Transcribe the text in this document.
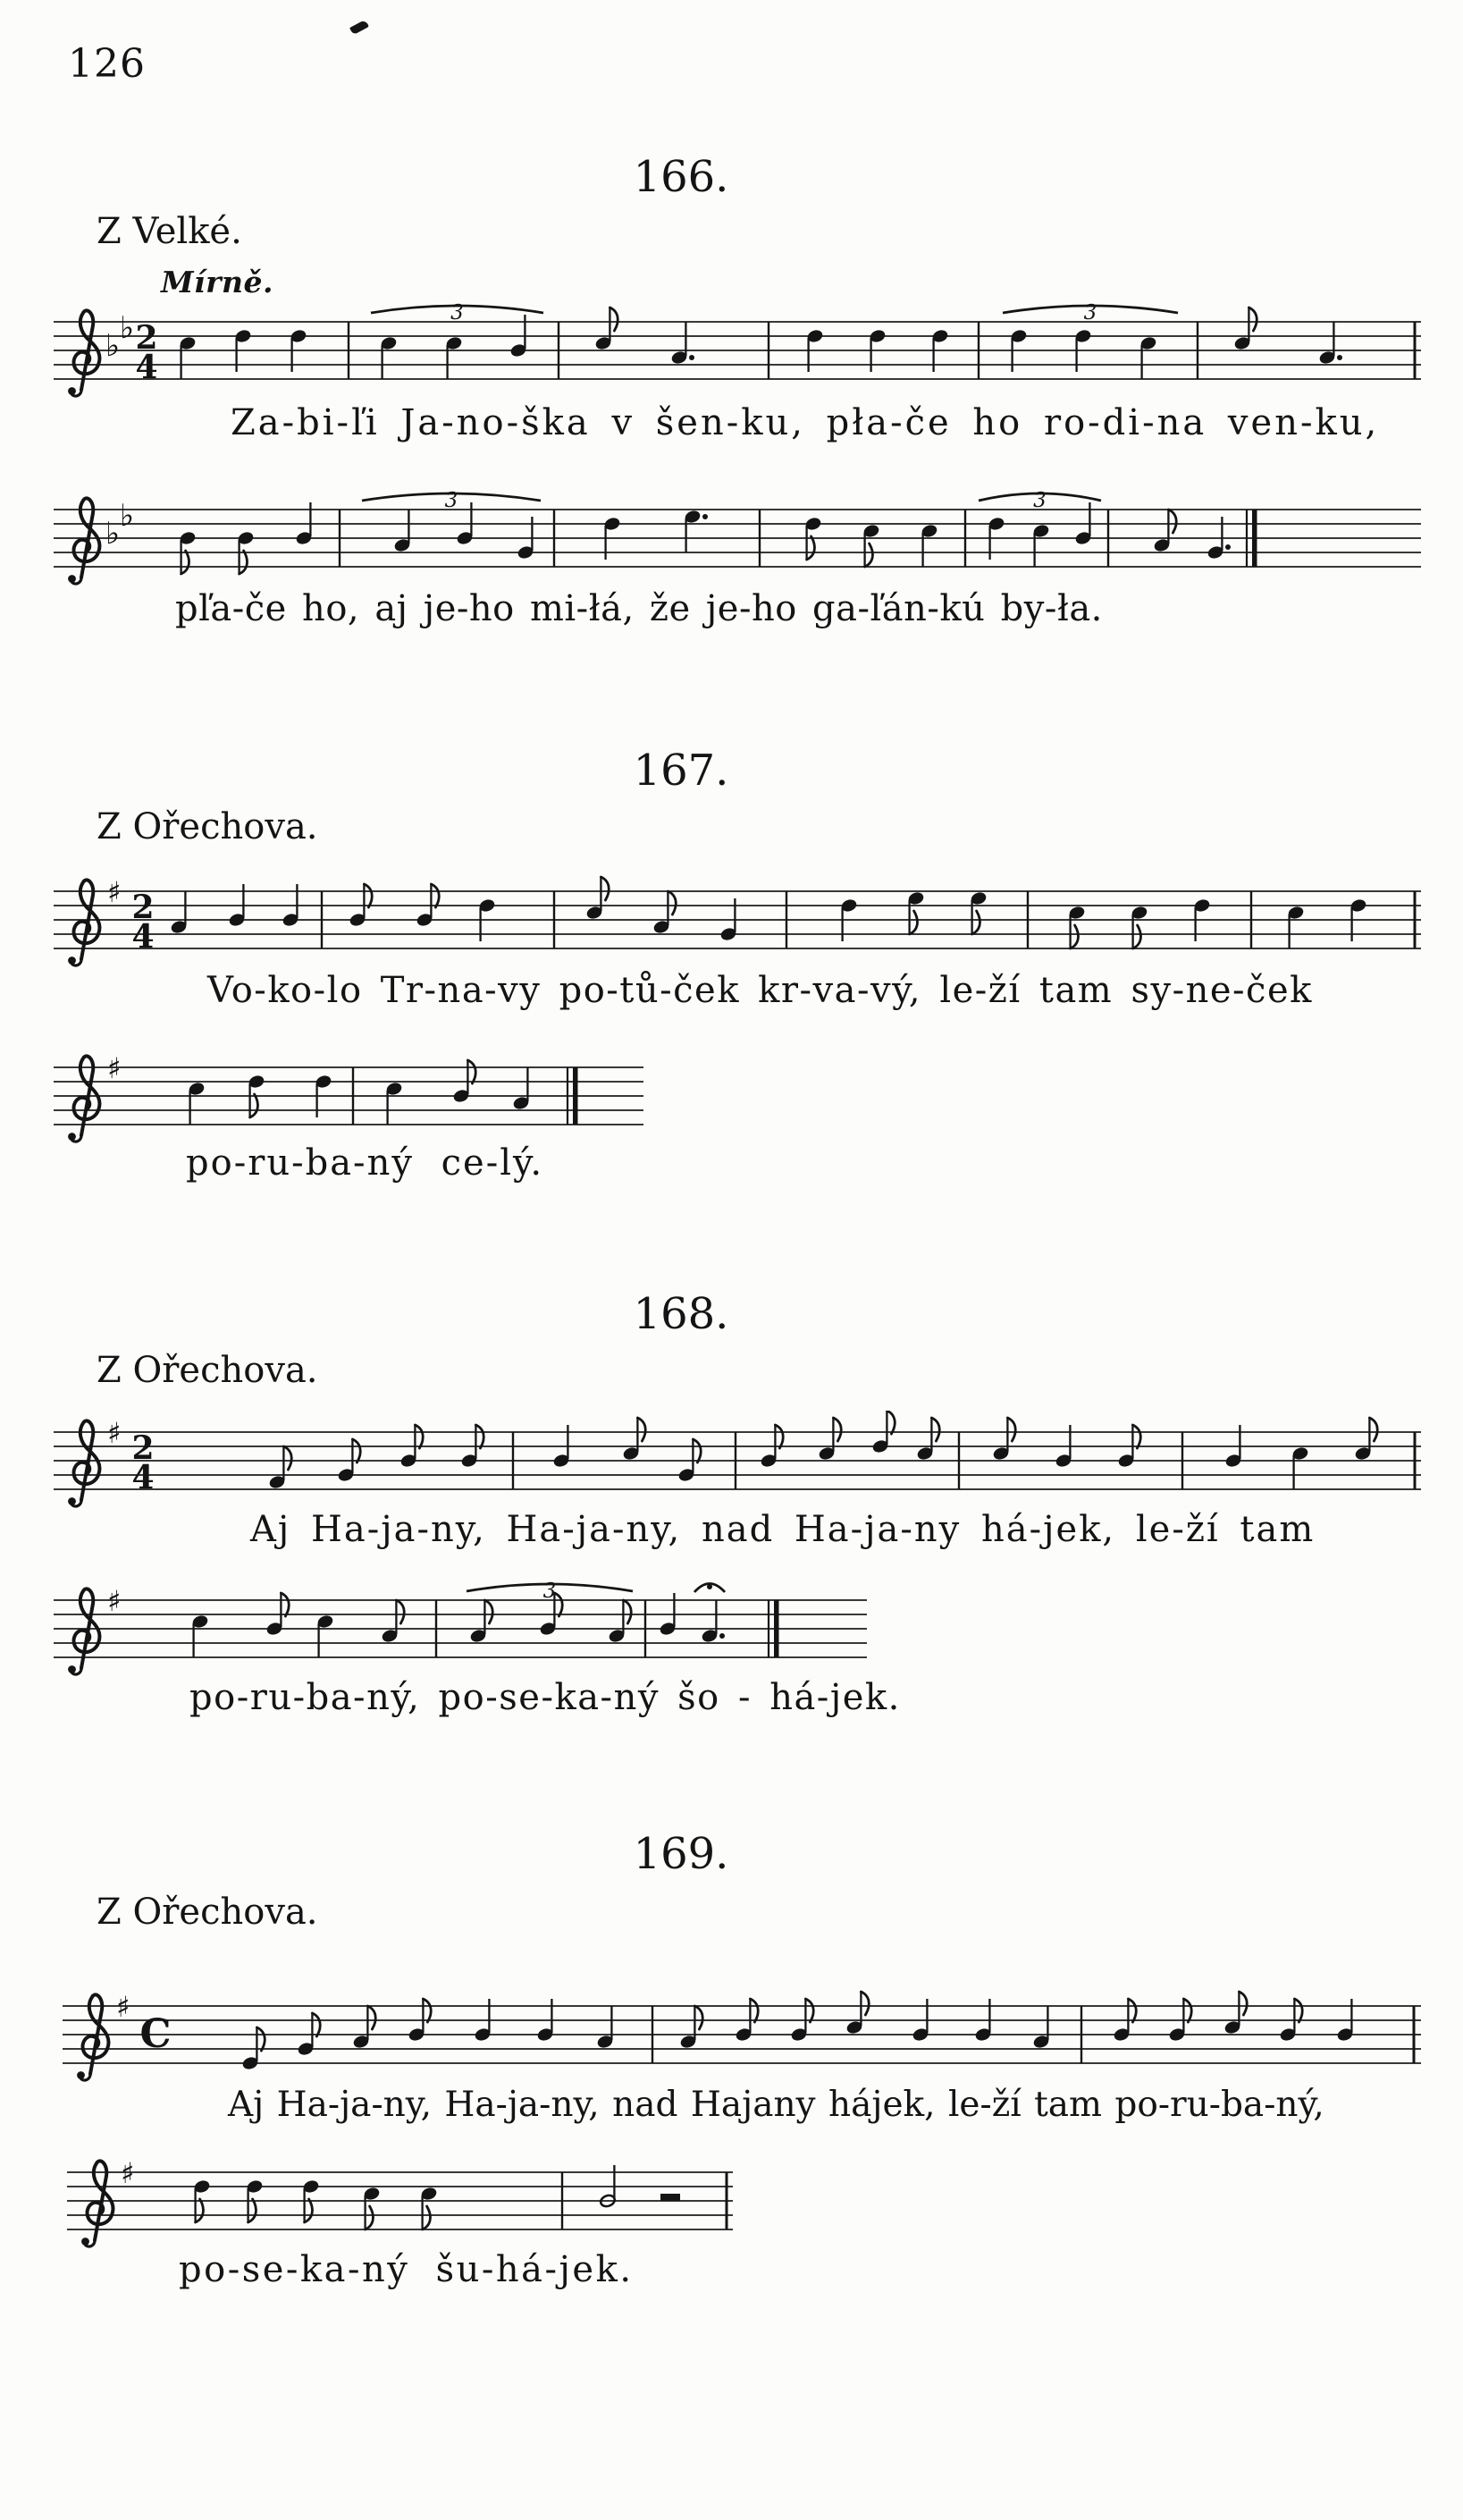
126
166.
Z Velké.
Mírně.
♭ ♭ 2
4
3	3
Za-bi-ľi Ja-no-ška v šen-ku, pła-če ho ro-di-na ven-ku,
♭ ♭	3	3
pľa-če ho, aj je-ho mi-łá, že je-ho ga-ľán-kú by-ła.
167.
Z Ořechova.
♯ 2
4
Vo-ko-lo Tr-na-vy po-tů-ček kr-va-vý, le-ží tam sy-ne-ček
♯
po-ru-ba-ný ce-lý.
168.
Z Ořechova.
♯ 2
4
Aj Ha-ja-ny, Ha-ja-ny, nad Ha-ja-ny há-jek, le-ží tam
♯	3
po-ru-ba-ný, po-se-ka-ný šo - há-jek.
169.
Z Ořechova.
♯
C
Aj Ha-ja-ny, Ha-ja-ny, nad Hajany hájek, le-ží tam po-ru-ba-ný,
♯
po-se-ka-ný šu-há-jek.
